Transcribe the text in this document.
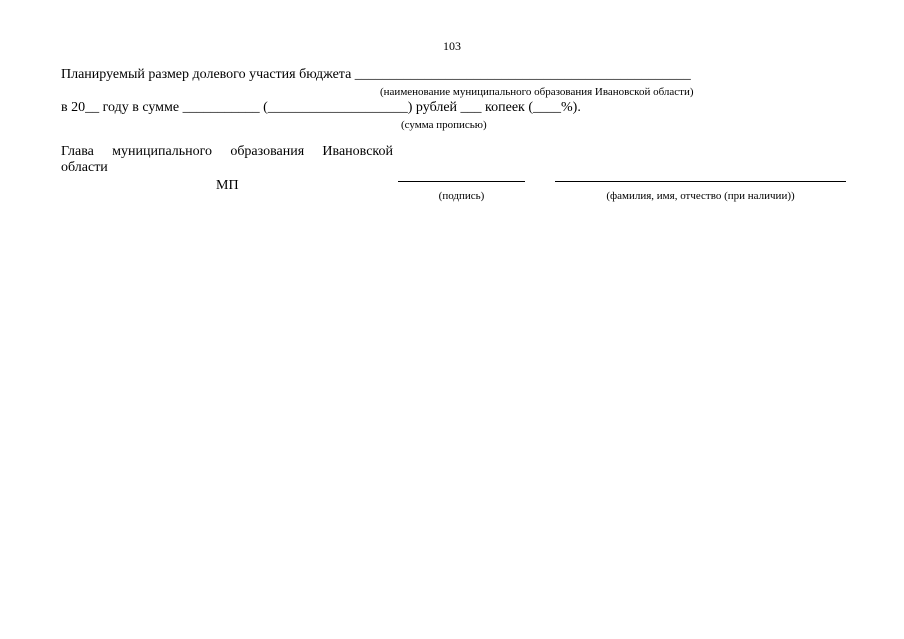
103
Планируемый размер долевого участия бюджета ________________________________________________
(наименование муниципального образования Ивановской области)
в 20__ году в сумме ___________ (____________________) рублей ___ копеек (____%).
(сумма прописью)
Глава муниципального образования Ивановской
области
МП
(подпись)	(фамилия, имя, отчество (при наличии))
